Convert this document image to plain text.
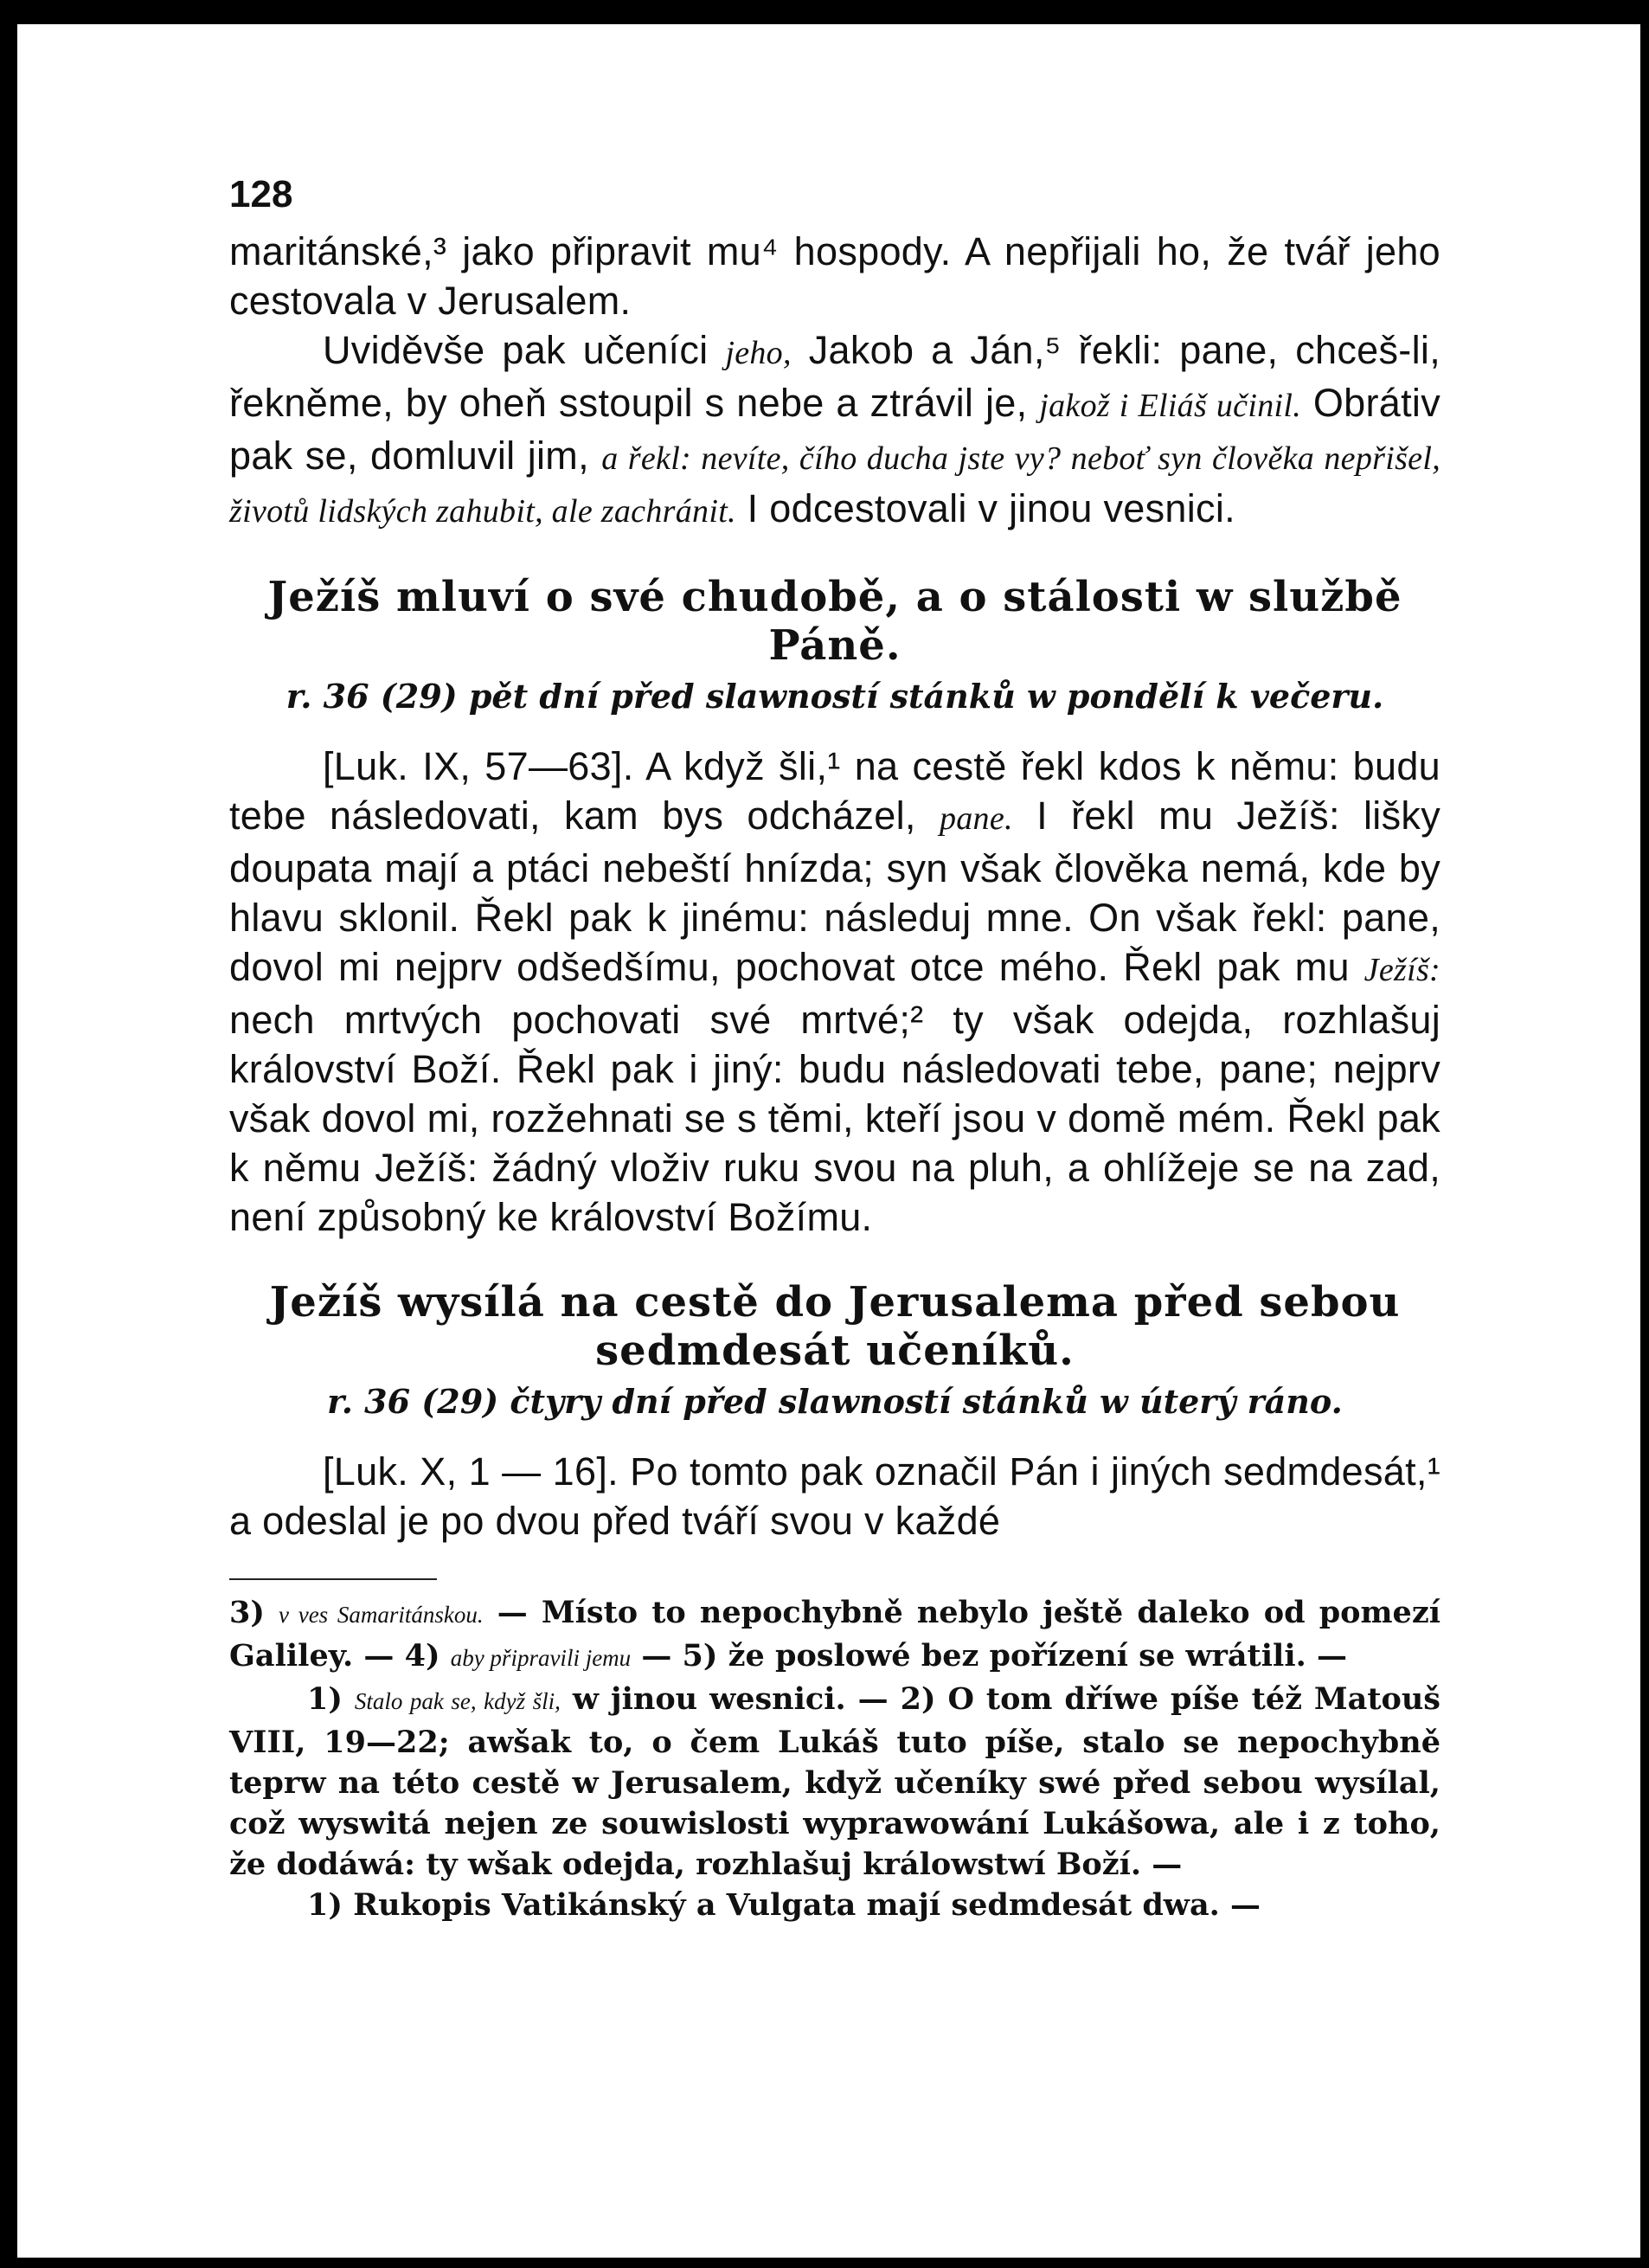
128

maritánské,³ jako připravit mu⁴ hospody. A nepřijali ho, že tvář jeho cestovala v Jerusalem.

Uviděvše pak učeníci jeho, Jakob a Ján,⁵ řekli: pane, chceš-li, řekněme, by oheň sstoupil s nebe a ztrávil je, jakož i Eliáš učinil. Obrátiv pak se, domluvil jim, a řekl: nevíte, čího ducha jste vy? neboť syn člověka nepřišel, životů lidských zahubit, ale zachránit. I odcestovali v jinou vesnici.

Ježíš mluví o své chudobě, a o stálosti w službě Páně.
r. 36 (29) pět dní před slawností stánků w pondělí k večeru.

[Luk. IX, 57—63]. A když šli,¹ na cestě řekl kdos k němu: budu tebe následovati, kam bys odcházel, pane. I řekl mu Ježíš: lišky doupata mají a ptáci nebeští hnízda; syn však člověka nemá, kde by hlavu sklonil. Řekl pak k jinému: následuj mne. On však řekl: pane, dovol mi nejprv odšedšímu, pochovat otce mého. Řekl pak mu Ježíš: nech mrtvých pochovati své mrtvé;² ty však odejda, rozhlašuj království Boží. Řekl pak i jiný: budu následovati tebe, pane; nejprv však dovol mi, rozžehnati se s těmi, kteří jsou v domě mém. Řekl pak k němu Ježíš: žádný vloživ ruku svou na pluh, a ohlížeje se na zad, není způsobný ke království Božímu.

Ježíš wysílá na cestě do Jerusalema před sebou sedmdesát učeníků.
r. 36 (29) čtyry dní před slawností stánků w úterý ráno.

[Luk. X, 1 — 16]. Po tomto pak označil Pán i jiných sedmdesát,¹ a odeslal je po dvou před tváří svou v každé

3) v ves Samaritánskou. — Místo to nepochybně nebylo ještě daleko od pomezí Galiley. — 4) aby připravili jemu — 5) že poslowé bez pořízení se wrátili. —

1) Stalo pak se, když šli, w jinou wesnici. — 2) O tom dříwe píše též Matouš VIII, 19—22; awšak to, o čem Lukáš tuto píše, stalo se nepochybně teprw na této cestě w Jerusalem, když učeníky swé před sebou wysílal, což wyswitá nejen ze souwislosti wyprawowání Lukášowa, ale i z toho, že dodáwá: ty wšak odejda, rozhlašuj králowstwí Boží. —

1) Rukopis Vatikánský a Vulgata mají sedmdesát dwa. —
